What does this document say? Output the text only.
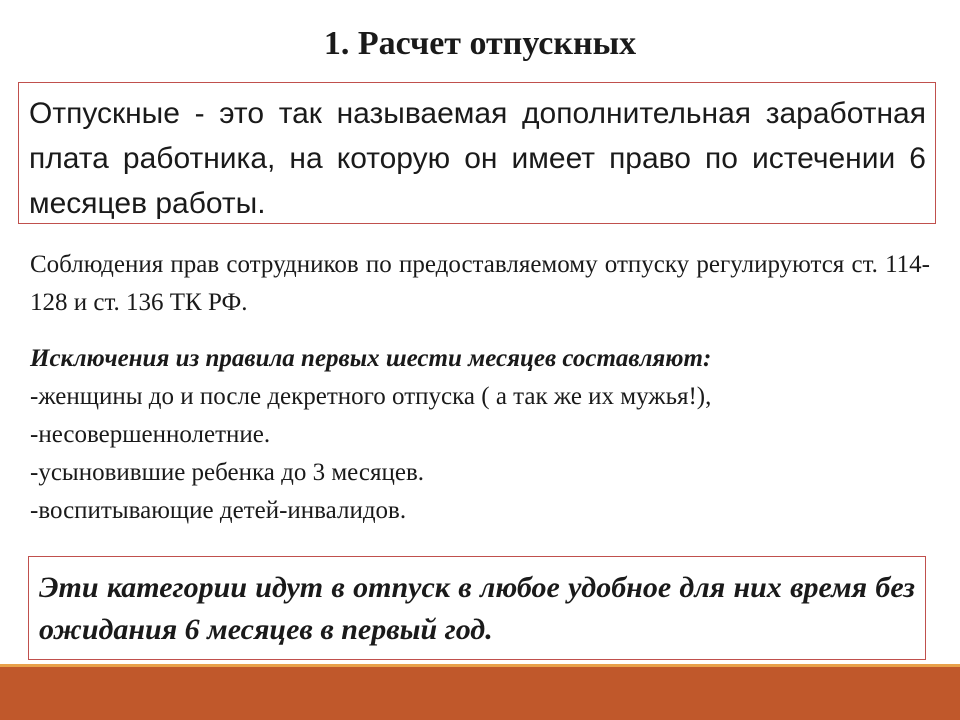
1. Расчет отпускных

Отпускные - это так называемая дополнительная заработная плата работника, на которую он имеет право по истечении 6 месяцев работы.

Соблюдения прав сотрудников по предоставляемому отпуску регулируются ст. 114-128 и ст. 136 ТК РФ.

Исключения из правила первых шести месяцев составляют:
-женщины до и после декретного отпуска ( а так же их мужья!),
-несовершеннолетние.
-усыновившие ребенка до 3 месяцев.
-воспитывающие детей-инвалидов.

Эти категории идут в отпуск в любое удобное для них время без ожидания 6 месяцев в первый год.
